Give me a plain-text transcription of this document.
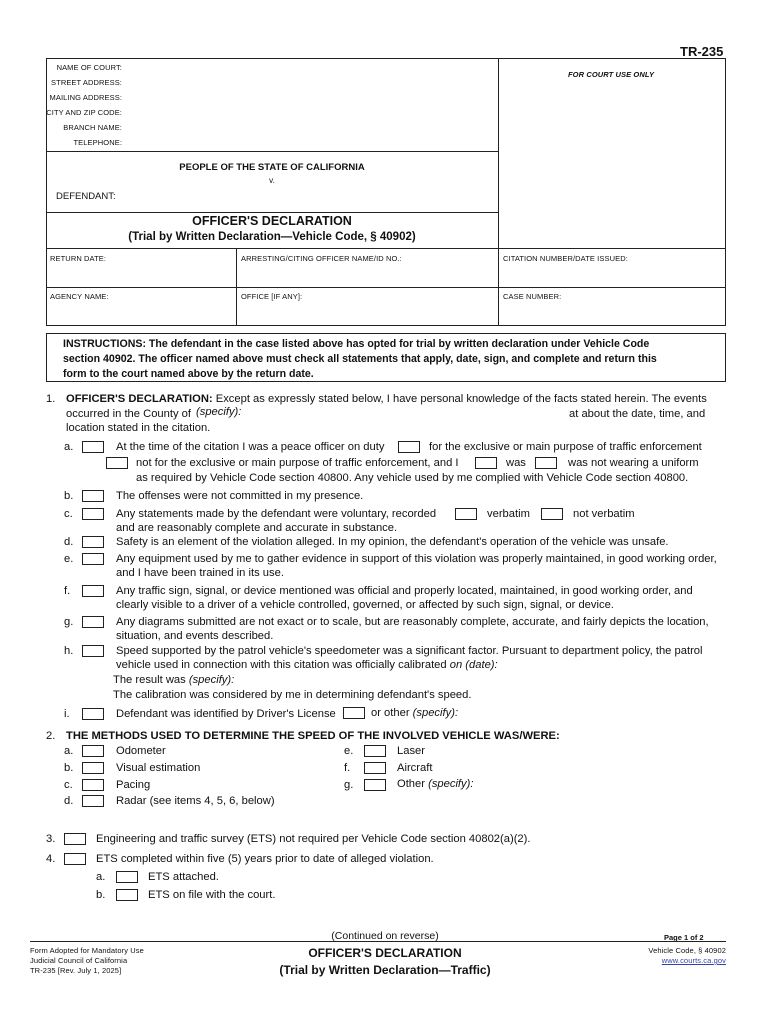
TR-235
NAME OF COURT:
STREET ADDRESS:
MAILING ADDRESS:
CITY AND ZIP CODE:
BRANCH NAME:
TELEPHONE:
FOR COURT USE ONLY
PEOPLE OF THE STATE OF CALIFORNIA
v.
DEFENDANT:
OFFICER'S DECLARATION
(Trial by Written Declaration—Vehicle Code, § 40902)
RETURN DATE:	ARRESTING/CITING OFFICER NAME/ID NO.:	CITATION NUMBER/DATE ISSUED:
AGENCY NAME:	OFFICE [IF ANY]:	CASE NUMBER:
INSTRUCTIONS: The defendant in the case listed above has opted for trial by written declaration under Vehicle Code
section 40902. The officer named above must check all statements that apply, date, sign, and complete and return this
form to the court named above by the return date.
1. OFFICER'S DECLARATION: Except as expressly stated below, I have personal knowledge of the facts stated herein. The events
occurred in the County of (specify):	at about the date, time, and
location stated in the citation.
a.	At the time of the citation I was a peace officer on duty	for the exclusive or main purpose of traffic enforcement
not for the exclusive or main purpose of traffic enforcement, and I	was	was not wearing a uniform
as required by Vehicle Code section 40800. Any vehicle used by me complied with Vehicle Code section 40800.
b.	The offenses were not committed in my presence.
c.	Any statements made by the defendant were voluntary, recorded	verbatim	not verbatim
and are reasonably complete and accurate in substance.
d.	Safety is an element of the violation alleged. In my opinion, the defendant's operation of the vehicle was unsafe.
e.	Any equipment used by me to gather evidence in support of this violation was properly maintained, in good working order,
and I have been trained in its use.
f.	Any traffic sign, signal, or device mentioned was official and properly located, maintained, in good working order, and
clearly visible to a driver of a vehicle controlled, governed, or affected by such sign, signal, or device.
g.	Any diagrams submitted are not exact or to scale, but are reasonably complete, accurate, and fairly depicts the location,
situation, and events described.
h.	Speed supported by the patrol vehicle's speedometer was a significant factor. Pursuant to department policy, the patrol
vehicle used in connection with this citation was officially calibrated on (date):
The result was (specify):
The calibration was considered by me in determining defendant's speed.
i.	Defendant was identified by Driver's License	or other (specify):
2. THE METHODS USED TO DETERMINE THE SPEED OF THE INVOLVED VEHICLE WAS/WERE:
a.	Odometer
b.	Visual estimation
c.	Pacing
d.	Radar (see items 4, 5, 6, below)
e.	Laser
f.	Aircraft
g.	Other (specify):
3.	Engineering and traffic survey (ETS) not required per Vehicle Code section 40802(a)(2).
4.	ETS completed within five (5) years prior to date of alleged violation.
a.	ETS attached.
b.	ETS on file with the court.
(Continued on reverse)	Page 1 of 2
Form Adopted for Mandatory Use
Judicial Council of California
TR-235 [Rev. July 1, 2025]
OFFICER'S DECLARATION
(Trial by Written Declaration—Traffic)
Vehicle Code, § 40902
www.courts.ca.gov
